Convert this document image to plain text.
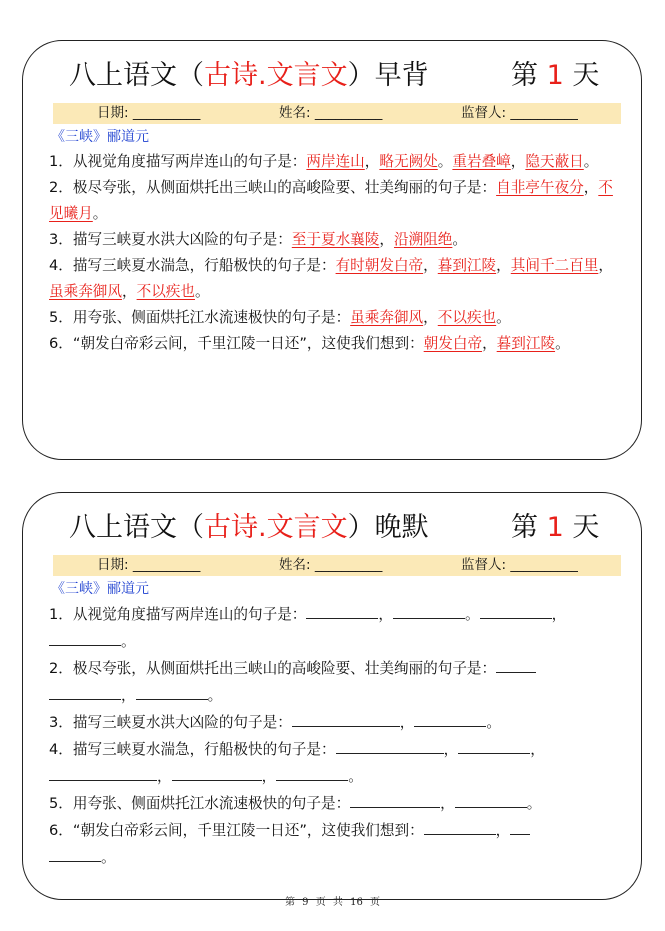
八上语文（古诗.文言文）早背	第 1 天
日期: __________	姓名: __________	监督人: __________
《三峡》郦道元

1．从视觉角度描写两岸连山的句子是：两岸连山，略无阙处。重岩叠嶂，隐天蔽日。

2．极尽夸张，从侧面烘托出三峡山的高峻险要、壮美绚丽的句子是：自非亭午夜分，不见曦月。

3．描写三峡夏水洪大凶险的句子是：至于夏水襄陵，沿溯阻绝。

4．描写三峡夏水湍急，行船极快的句子是：有时朝发白帝，暮到江陵，其间千二百里，虽乘奔御风，不以疾也。

5．用夸张、侧面烘托江水流速极快的句子是：虽乘奔御风，不以疾也。

6．“朝发白帝彩云间，千里江陵一日还”，这使我们想到：朝发白帝，暮到江陵。

八上语文（古诗.文言文）晚默	第 1 天
日期: __________	姓名: __________	监督人: __________
《三峡》郦道元

1．从视觉角度描写两岸连山的句子是：	，	。	，
。

2．极尽夸张，从侧面烘托出三峡山的高峻险要、壮美绚丽的句子是：
，	。

3．描写三峡夏水洪大凶险的句子是：	，	。

4．描写三峡夏水湍急，行船极快的句子是：	，	，
，	，	。

5．用夸张、侧面烘托江水流速极快的句子是：	，	。

6．“朝发白帝彩云间，千里江陵一日还”，这使我们想到：	，
。

第 9 页 共 16 页
